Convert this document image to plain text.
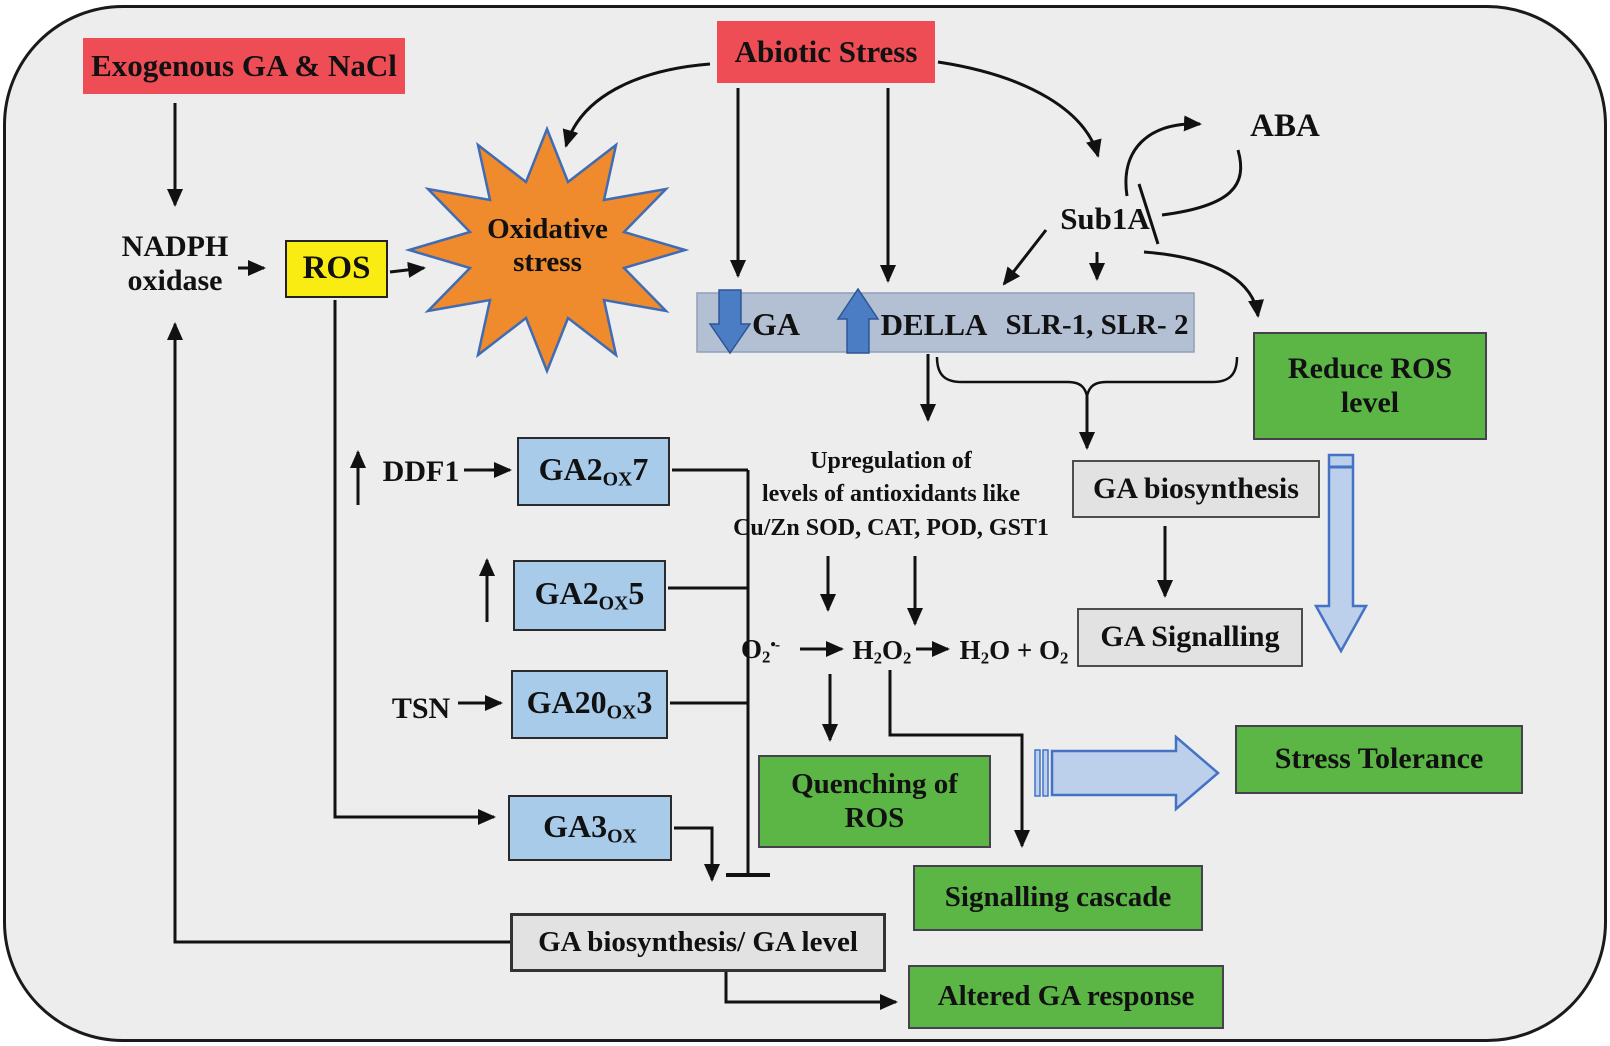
Exogenous GA & NaCl	Abiotic Stress
NADPH
oxidase ROS
Oxidative
stress
ABA
Sub1A
GA	DELLA SLR-1, SLR- 2
Reduce ROS
level
DDF1 $GA2_{OX}7$
$GA2_{OX}5$
TSN $GA20_{OX}3$
$GA3_{OX}$
Upregulation of
levels of antioxidants like
Cu/Zn SOD, CAT, POD, GST1
$O_2^{•-}$	$H_2O_2$ $H_2O + O_2$
GA biosynthesis
GA Signalling
Quenching of
ROS
Stress Tolerance
Signalling cascade
GA biosynthesis/ GA level
Altered GA response
